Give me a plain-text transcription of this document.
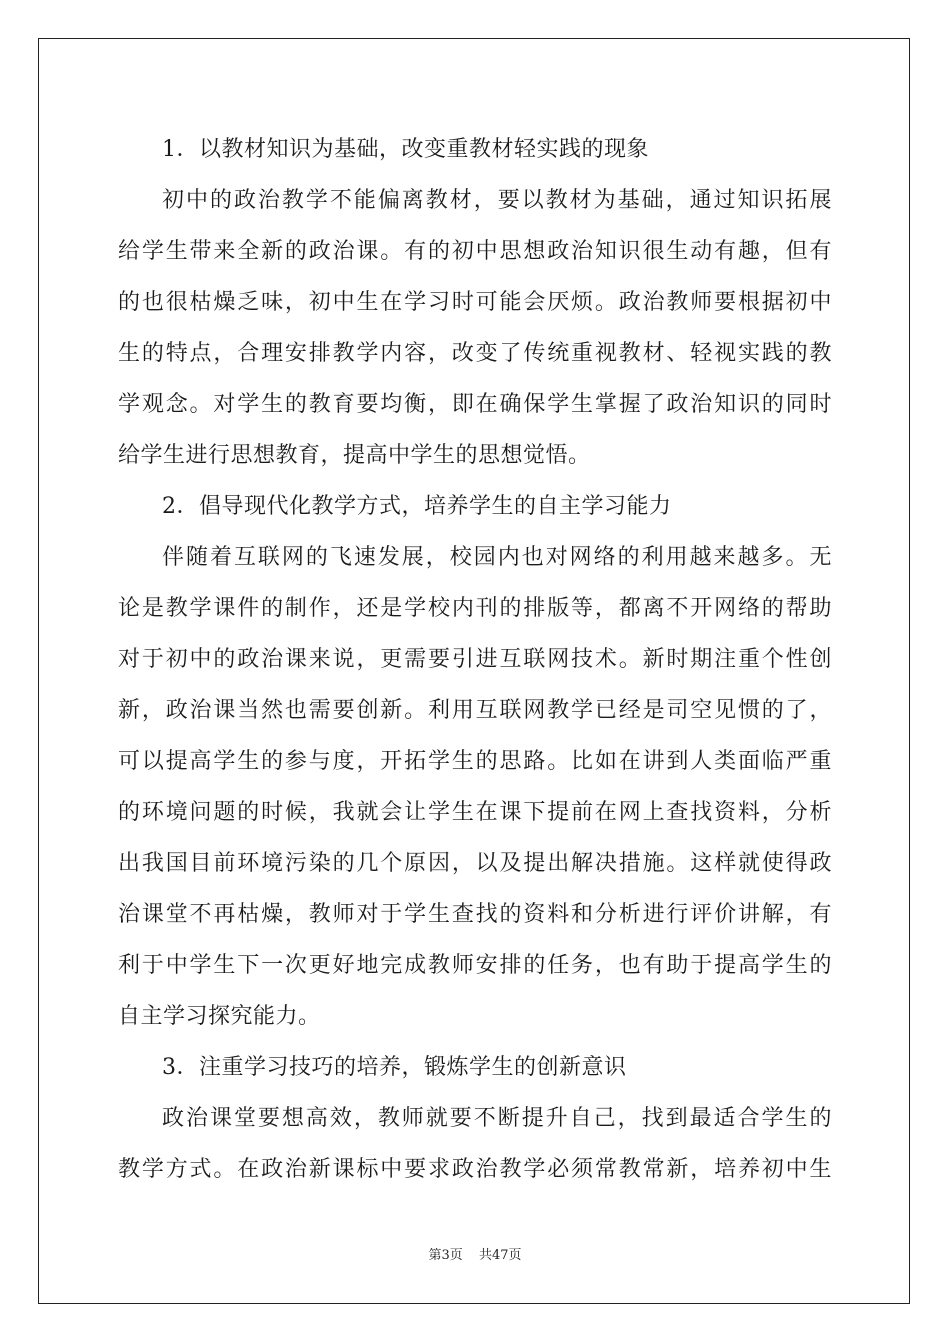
1．以教材知识为基础，改变重教材轻实践的现象
初中的政治教学不能偏离教材，要以教材为基础，通过知识拓展
给学生带来全新的政治课。有的初中思想政治知识很生动有趣，但有
的也很枯燥乏味，初中生在学习时可能会厌烦。政治教师要根据初中
生的特点，合理安排教学内容，改变了传统重视教材、轻视实践的教
学观念。对学生的教育要均衡，即在确保学生掌握了政治知识的同时
给学生进行思想教育，提高中学生的思想觉悟。
2．倡导现代化教学方式，培养学生的自主学习能力
伴随着互联网的飞速发展，校园内也对网络的利用越来越多。无
论是教学课件的制作，还是学校内刊的排版等，都离不开网络的帮助
对于初中的政治课来说，更需要引进互联网技术。新时期注重个性创
新，政治课当然也需要创新。利用互联网教学已经是司空见惯的了，
可以提高学生的参与度，开拓学生的思路。比如在讲到人类面临严重
的环境问题的时候，我就会让学生在课下提前在网上查找资料，分析
出我国目前环境污染的几个原因，以及提出解决措施。这样就使得政
治课堂不再枯燥，教师对于学生查找的资料和分析进行评价讲解，有
利于中学生下一次更好地完成教师安排的任务，也有助于提高学生的
自主学习探究能力。
3．注重学习技巧的培养，锻炼学生的创新意识
政治课堂要想高效，教师就要不断提升自己，找到最适合学生的
教学方式。在政治新课标中要求政治教学必须常教常新，培养初中生
第3页 共47页
